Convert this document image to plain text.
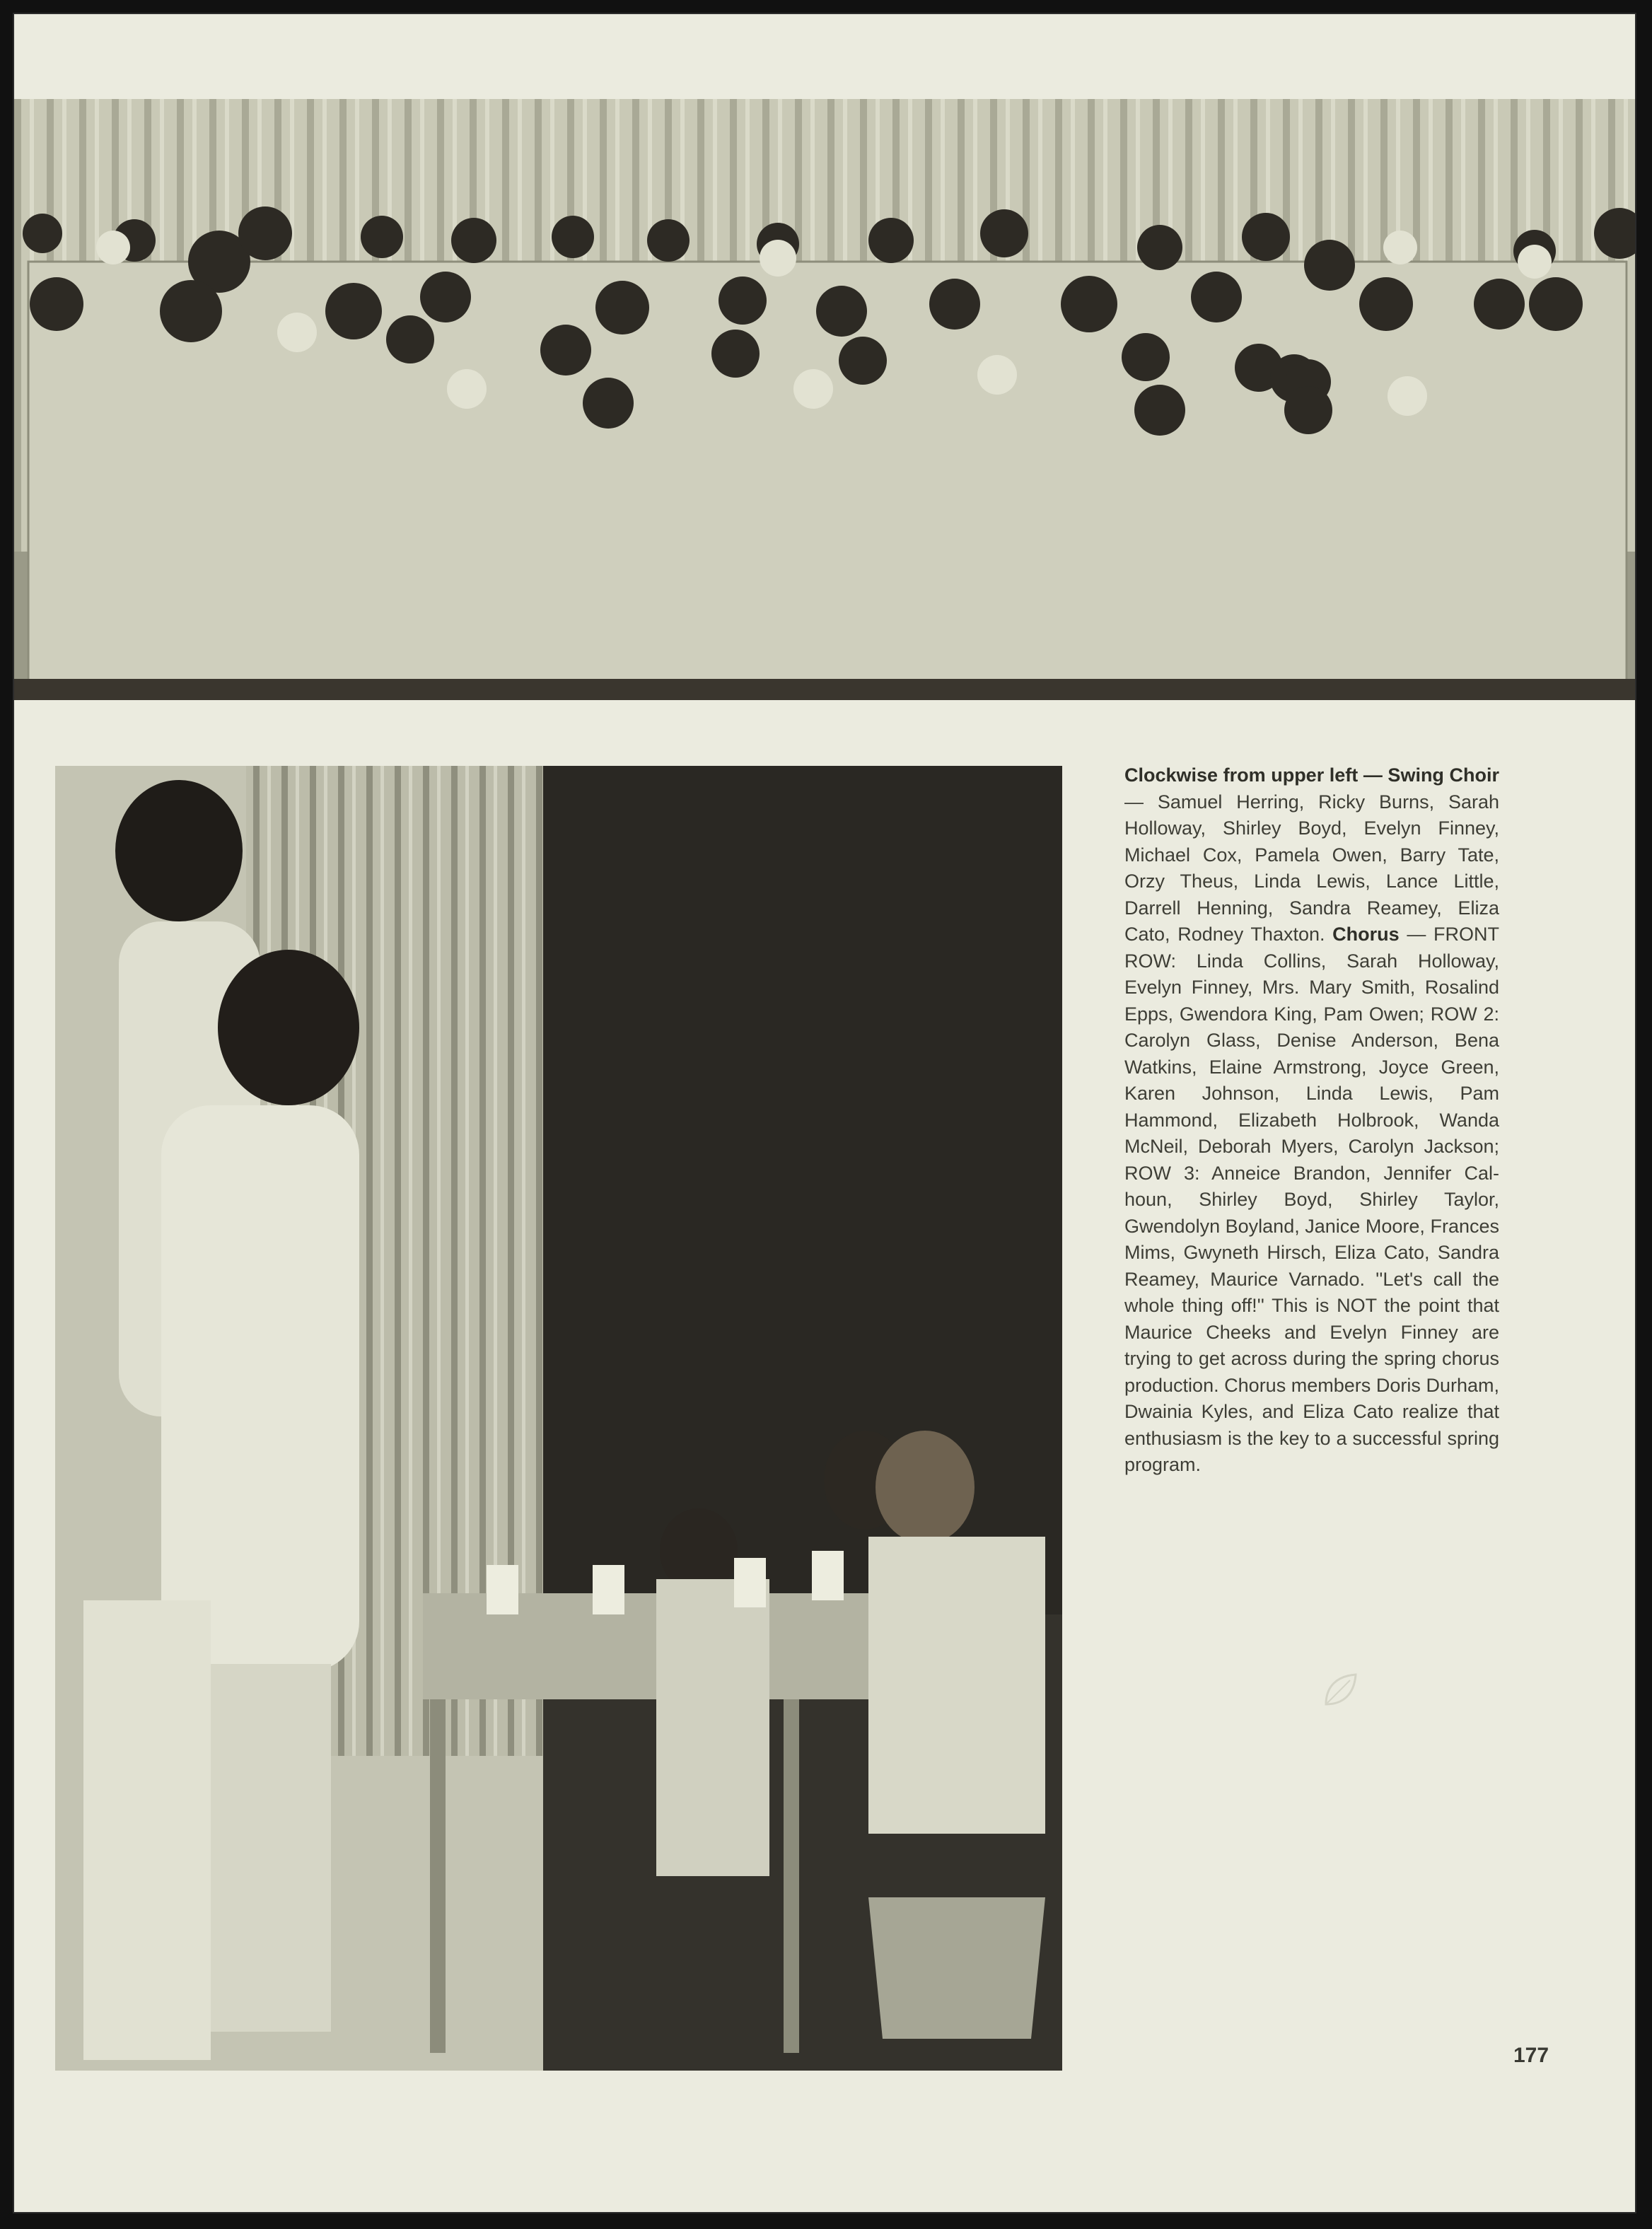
Clockwise from upper left — Swing Choir — Samuel Herring, Ricky Burns, Sarah Holloway, Shirley Boyd, Evelyn Finney, Michael Cox, Pamela Owen, Barry Tate, Orzy Theus, Linda Lewis, Lance Little, Darrell Henning, Sandra Reamey, Eliza Cato, Rodney Thaxton. Chorus — FRONT ROW: Linda Collins, Sarah Holloway, Evelyn Finney, Mrs. Mary Smith, Rosalind Epps, Gwendora King, Pam Owen; ROW 2: Carolyn Glass, Denise Anderson, Bena Watkins, Elaine Armstrong, Joyce Green, Karen Johnson, Linda Lewis, Pam Hammond, Elizabeth Holbrook, Wanda McNeil, Deborah Myers, Carolyn Jackson; ROW 3: Anneice Brandon, Jennifer Calhoun, Shirley Boyd, Shirley Taylor, Gwendolyn Boyland, Janice Moore, Frances Mims, Gwyneth Hirsch, Eliza Cato, Sandra Reamey, Maurice Varnado. ''Let's call the whole thing off!'' This is NOT the point that Maurice Cheeks and Evelyn Finney are trying to get across during the spring chorus production. Chorus members Doris Durham, Dwainia Kyles, and Eliza Cato realize that enthusiasm is the key to a successful spring program.
177
